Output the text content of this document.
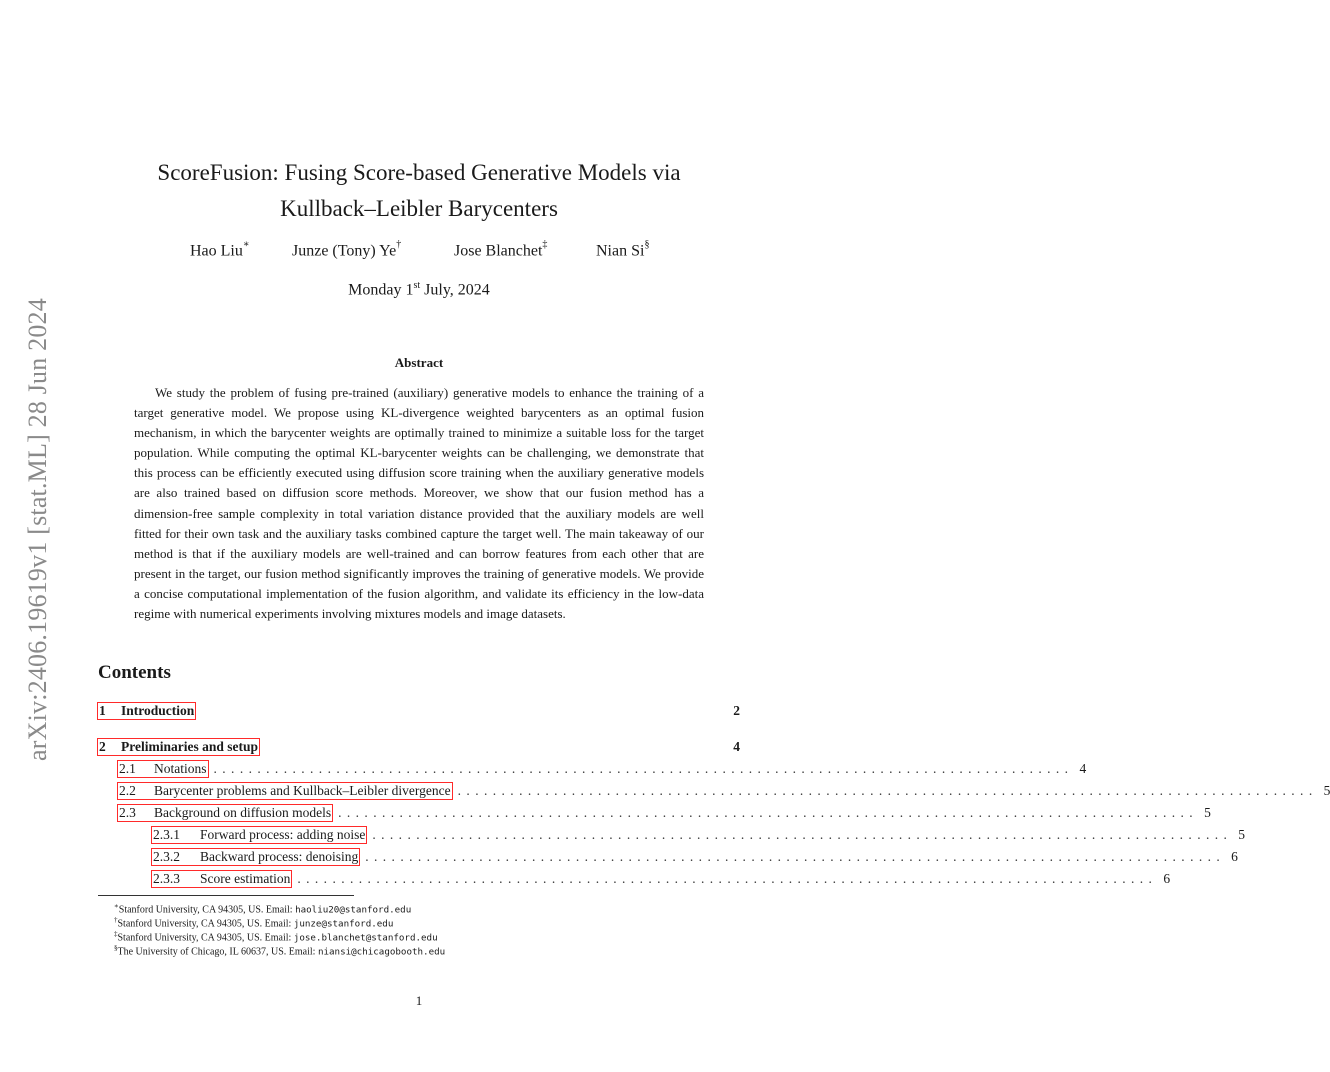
arXiv:2406.19619v1 [stat.ML] 28 Jun 2024
ScoreFusion: Fusing Score-based Generative Models via
Kullback–Leibler Barycenters
Hao Liu∗	Junze (Tony) Ye†	Jose Blanchet‡	Nian Si§
Monday 1st July, 2024
Abstract

We study the problem of fusing pre-trained (auxiliary) generative models to enhance the training of a target generative model. We propose using KL-divergence weighted barycenters as an optimal fusion mechanism, in which the barycenter weights are optimally trained to minimize a suitable loss for the target population. While computing the optimal KL-barycenter weights can be challenging, we demonstrate that this process can be efficiently executed using diffusion score training when the auxiliary generative models are also trained based on diffusion score methods. Moreover, we show that our fusion method has a dimension-free sample complexity in total variation distance provided that the auxiliary models are well fitted for their own task and the auxiliary tasks combined capture the target well. The main takeaway of our method is that if the auxiliary models are well-trained and can borrow features from each other that are present in the target, our fusion method significantly improves the training of generative models. We provide a concise computational implementation of the fusion algorithm, and validate its efficiency in the low-data regime with numerical experiments involving mixtures models and image datasets.

Contents
1	Introduction	2
2	Preliminaries and setup	4
2.1	Notations .................................................................................................. 4
2.2	Barycenter problems and Kullback–Leibler divergence .................................................................................................. 5
2.3	Background on diffusion models .................................................................................................. 5
2.3.1	Forward process: adding noise .................................................................................................. 5
2.3.2	Backward process: denoising .................................................................................................. 6
2.3.3	Score estimation .................................................................................................. 6
∗Stanford University, CA 94305, US. Email: haoliu20@stanford.edu
†Stanford University, CA 94305, US. Email: junze@stanford.edu
‡Stanford University, CA 94305, US. Email: jose.blanchet@stanford.edu
§The University of Chicago, IL 60637, US. Email: niansi@chicagobooth.edu
1
